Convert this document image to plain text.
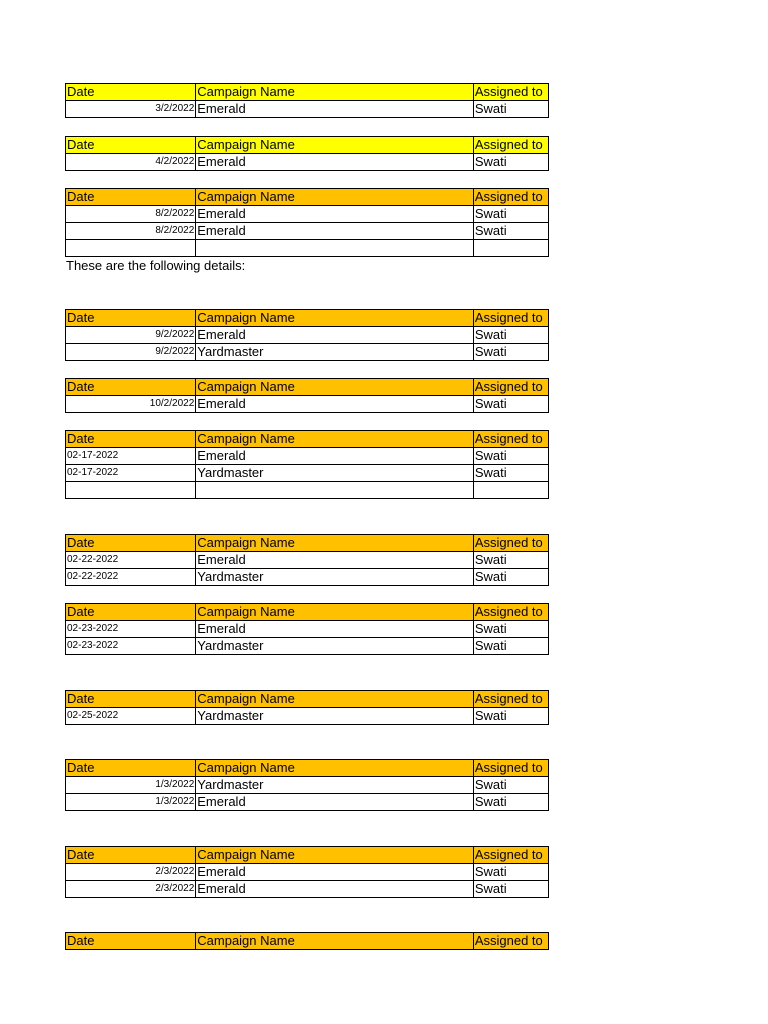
Date	Campaign Name	Assigned to
3/2/2022	Emerald	Swati
Date	Campaign Name	Assigned to
4/2/2022	Emerald	Swati
Date	Campaign Name	Assigned to
8/2/2022	Emerald	Swati
8/2/2022	Emerald	Swati

Date	Campaign Name	Assigned to
9/2/2022	Emerald	Swati
9/2/2022	Yardmaster	Swati
Date	Campaign Name	Assigned to
10/2/2022	Emerald	Swati
Date	Campaign Name	Assigned to
02-17-2022	Emerald	Swati
02-17-2022	Yardmaster	Swati

Date	Campaign Name	Assigned to
02-22-2022	Emerald	Swati
02-22-2022	Yardmaster	Swati
Date	Campaign Name	Assigned to
02-23-2022	Emerald	Swati
02-23-2022	Yardmaster	Swati
Date	Campaign Name	Assigned to
02-25-2022	Yardmaster	Swati
Date	Campaign Name	Assigned to
1/3/2022	Yardmaster	Swati
1/3/2022	Emerald	Swati
Date	Campaign Name	Assigned to
2/3/2022	Emerald	Swati
2/3/2022	Emerald	Swati
Date	Campaign Name	Assigned to
These are the following details:
